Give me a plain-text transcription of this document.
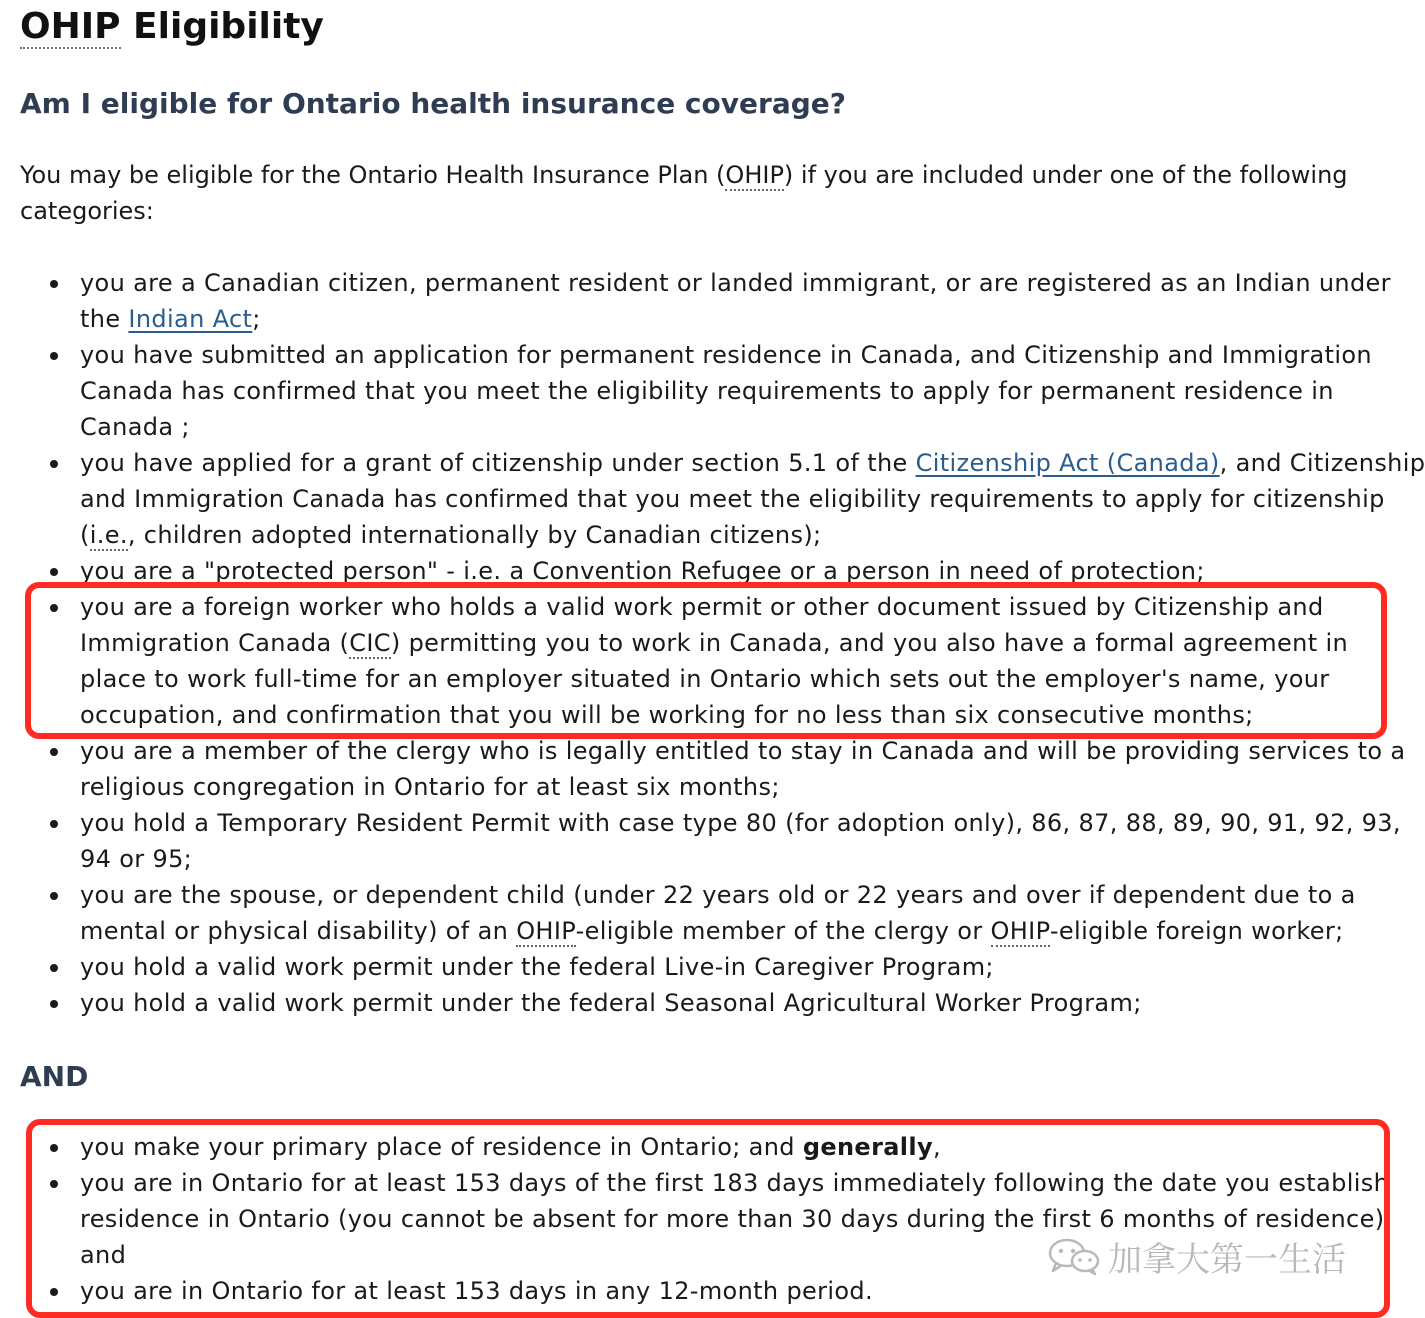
OHIP Eligibility
Am I eligible for Ontario health insurance coverage?

You may be eligible for the Ontario Health Insurance Plan (OHIP) if you are included under one of the following
categories:

you are a Canadian citizen, permanent resident or landed immigrant, or are registered as an Indian under
the Indian Act;
you have submitted an application for permanent residence in Canada, and Citizenship and Immigration
Canada has confirmed that you meet the eligibility requirements to apply for permanent residence in
Canada ;
you have applied for a grant of citizenship under section 5.1 of the Citizenship Act (Canada), and Citizenship
and Immigration Canada has confirmed that you meet the eligibility requirements to apply for citizenship
(i.e., children adopted internationally by Canadian citizens);
you are a "protected person" - i.e. a Convention Refugee or a person in need of protection;
you are a foreign worker who holds a valid work permit or other document issued by Citizenship and
Immigration Canada (CIC) permitting you to work in Canada, and you also have a formal agreement in
place to work full-time for an employer situated in Ontario which sets out the employer's name, your
occupation, and confirmation that you will be working for no less than six consecutive months;
you are a member of the clergy who is legally entitled to stay in Canada and will be providing services to a
religious congregation in Ontario for at least six months;
you hold a Temporary Resident Permit with case type 80 (for adoption only), 86, 87, 88, 89, 90, 91, 92, 93,
94 or 95;
you are the spouse, or dependent child (under 22 years old or 22 years and over if dependent due to a
mental or physical disability) of an OHIP-eligible member of the clergy or OHIP-eligible foreign worker;
you hold a valid work permit under the federal Live-in Caregiver Program;
you hold a valid work permit under the federal Seasonal Agricultural Worker Program;
AND
you make your primary place of residence in Ontario; and generally,
you are in Ontario for at least 153 days of the first 183 days immediately following the date you establish
residence in Ontario (you cannot be absent for more than 30 days during the first 6 months of residence);
and
you are in Ontario for at least 153 days in any 12-month period.
加拿大第一生活
